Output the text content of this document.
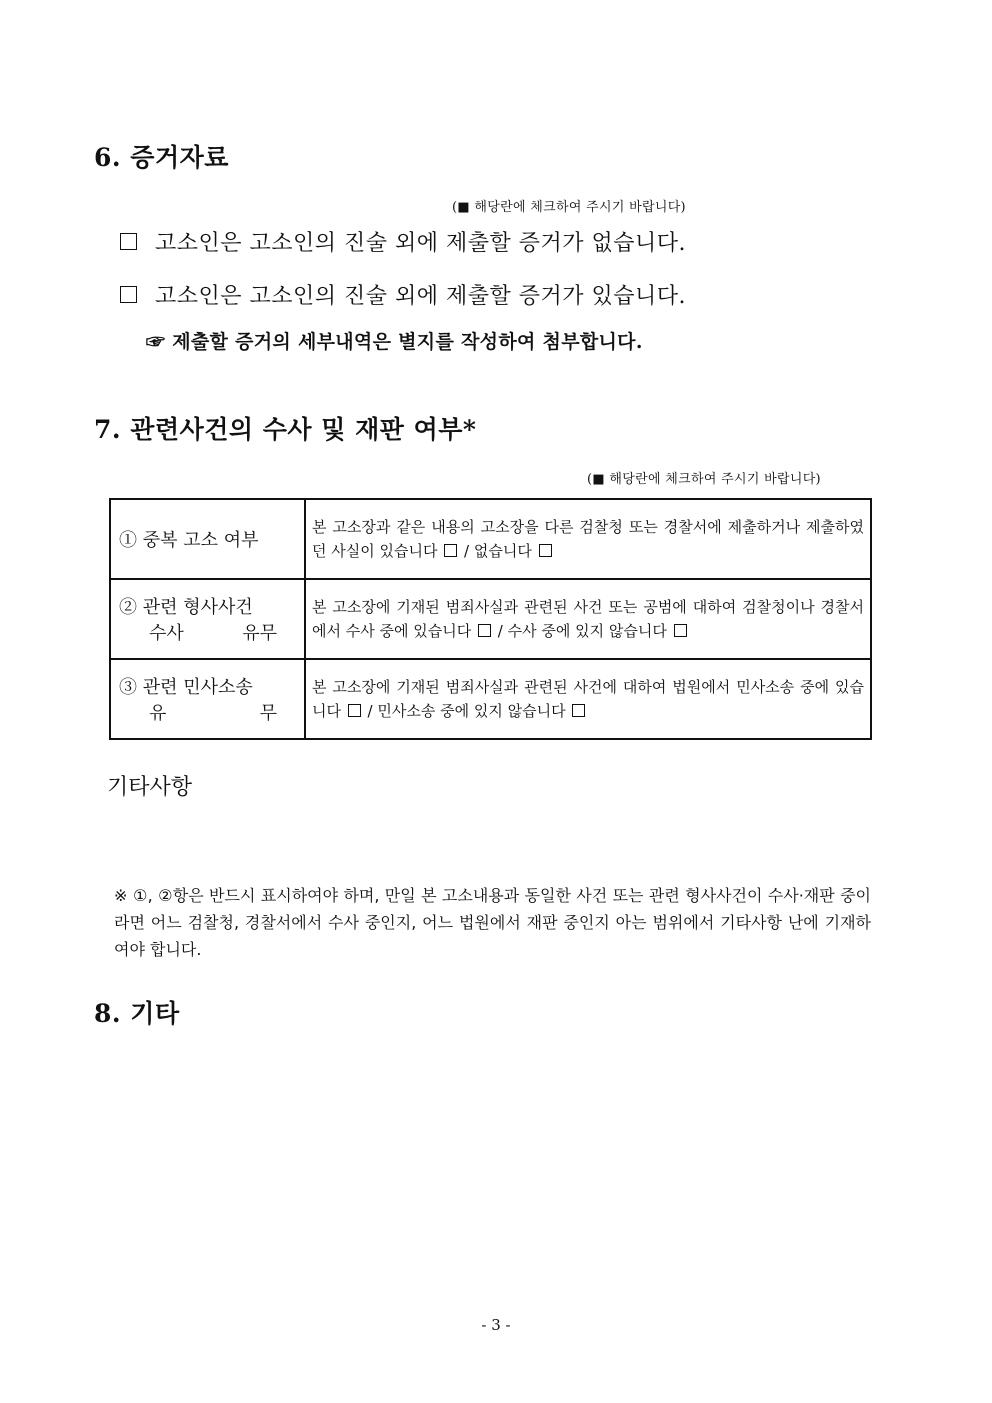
6. 증거자료
(■ 해당란에 체크하여 주시기 바랍니다)
고소인은 고소인의 진술 외에 제출할 증거가 없습니다.
고소인은 고소인의 진술 외에 제출할 증거가 있습니다.
☞ 제출할 증거의 세부내역은 별지를 작성하여 첨부합니다.
7. 관련사건의 수사 및 재판 여부*
(■ 해당란에 체크하여 주시기 바랍니다)
① 중복 고소 여부	본 고소장과 같은 내용의 고소장을 다른 검찰청 또는 경찰서에 제출하거나 제출하였던 사실이 있습니다 / 없습니다

② 관련 형사사건
수사 유무	본 고소장에 기재된 범죄사실과 관련된 사건 또는 공범에 대하여 검찰청이나 경찰서에서 수사 중에 있습니다 / 수사 중에 있지 않습니다

③ 관련 민사소송
유 무	본 고소장에 기재된 범죄사실과 관련된 사건에 대하여 법원에서 민사소송 중에 있습니다 / 민사소송 중에 있지 않습니다
기타사항
※ ①, ②항은 반드시 표시하여야 하며, 만일 본 고소내용과 동일한 사건 또는 관련 형사사건이 수사·재판 중이라면 어느 검찰청, 경찰서에서 수사 중인지, 어느 법원에서 재판 중인지 아는 범위에서 기타사항 난에 기재하여야 합니다.
8. 기타
- 3 -
